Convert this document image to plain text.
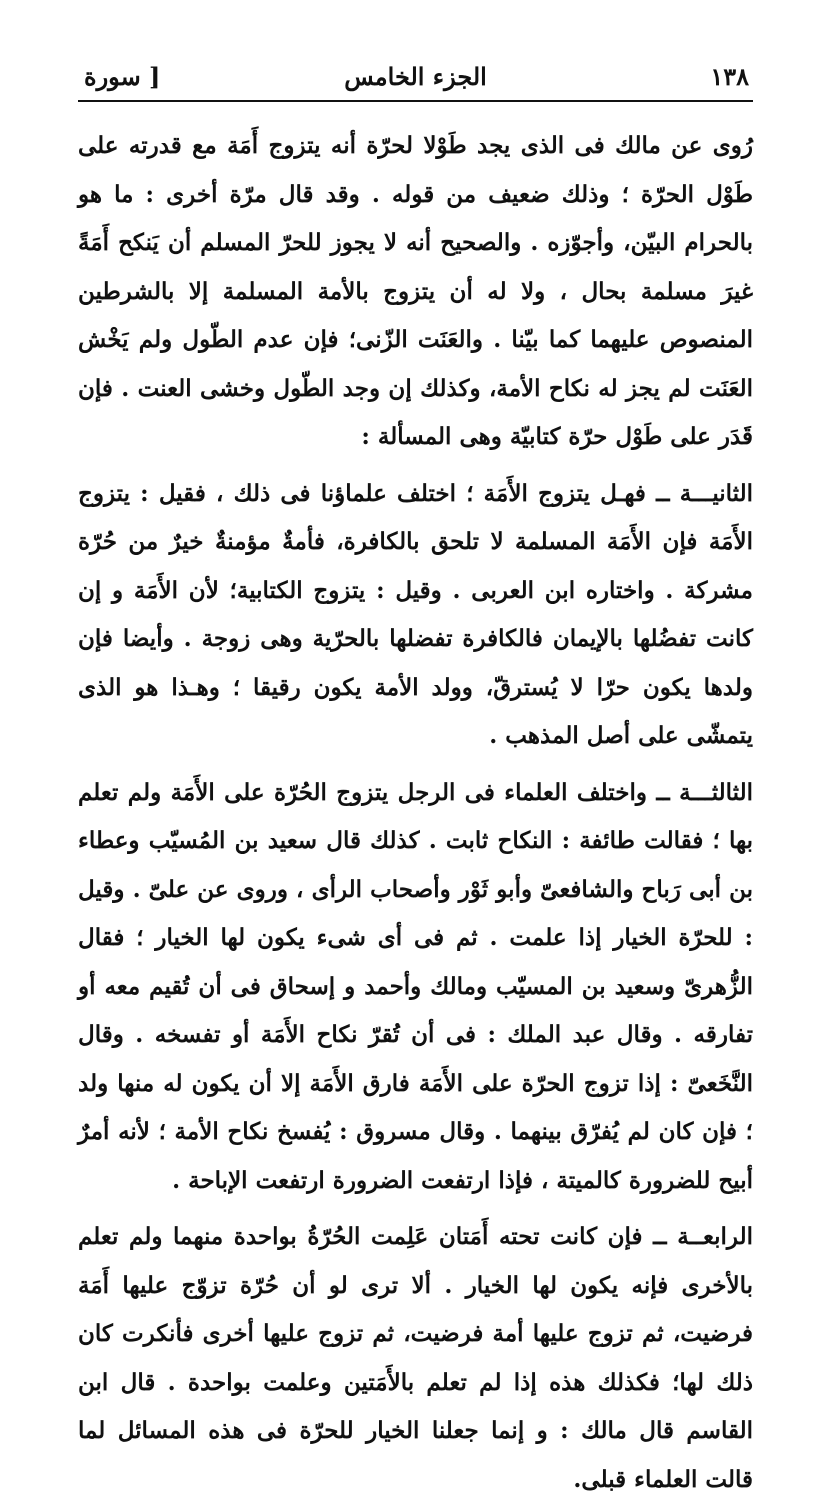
١٣٨
الجزء الخامس
[ سورة

رُوى عن مالك فى الذى يجد طَوْلا لحرّة أنه يتزوج أَمَة مع قدرته على طَوْل الحرّة ؛ وذلك ضعيف من قوله . وقد قال مرّة أخرى : ما هو بالحرام البيّن، وأجوّزه . والصحيح أنه لا يجوز للحرّ المسلم أن يَنكح أَمَةً غيرَ مسلمة بحال ، ولا له أن يتزوج بالأمة المسلمة إلا بالشرطين المنصوص عليهما كما بيّنا . والعَنَت الزّنى؛ فإن عدم الطّول ولم يَخْش العَنَت لم يجز له نكاح الأمة، وكذلك إن وجد الطّول وخشى العنت . فإن قَدَر على طَوْل حرّة كتابيّة وهى المسألة :

الثانيـــة ــ فهـل يتزوج الأَمَة ؛ اختلف علماؤنا فى ذلك ، فقيل : يتزوج الأَمَة فإن الأَمَة المسلمة لا تلحق بالكافرة، فأمةٌ مؤمنةٌ خيرٌ من حُرّة مشركة . واختاره ابن العربى . وقيل : يتزوج الكتابية؛ لأن الأَمَة و إن كانت تفضُلها بالإيمان فالكافرة تفضلها بالحرّية وهى زوجة . وأيضا فإن ولدها يكون حرّا لا يُسترقّ، وولد الأمة يكون رقيقا ؛ وهـذا هو الذى يتمشّى على أصل المذهب .

الثالثـــة ــ واختلف العلماء فى الرجل يتزوج الحُرّة على الأَمَة ولم تعلم بها ؛ فقالت طائفة : النكاح ثابت . كذلك قال سعيد بن المُسيّب وعطاء بن أبى رَباح والشافعىّ وأبو ثَوْر وأصحاب الرأى ، وروى عن علىّ . وقيل : للحرّة الخيار إذا علمت . ثم فى أى شىء يكون لها الخيار ؛ فقال الزُّهرىّ وسعيد بن المسيّب ومالك وأحمد و إسحاق فى أن تُقيم معه أو تفارقه . وقال عبد الملك : فى أن تُقرّ نكاح الأَمَة أو تفسخه . وقال النَّخَعىّ : إذا تزوج الحرّة على الأَمَة فارق الأَمَة إلا أن يكون له منها ولد ؛ فإن كان لم يُفرّق بينهما . وقال مسروق : يُفسخ نكاح الأمة ؛ لأنه أمرٌ أبيح للضرورة كالميتة ، فإذا ارتفعت الضرورة ارتفعت الإباحة .

الرابعــة ــ فإن كانت تحته أَمَتان عَلِمت الحُرّةُ بواحدة منهما ولم تعلم بالأخرى فإنه يكون لها الخيار . ألا ترى لو أن حُرّة تزوّج عليها أَمَة فرضيت، ثم تزوج عليها أمة فرضيت، ثم تزوج عليها أخرى فأنكرت كان ذلك لها؛ فكذلك هذه إذا لم تعلم بالأَمَتين وعلمت بواحدة . قال ابن القاسم قال مالك : و إنما جعلنا الخيار للحرّة فى هذه المسائل لما قالت العلماء قبلى.
